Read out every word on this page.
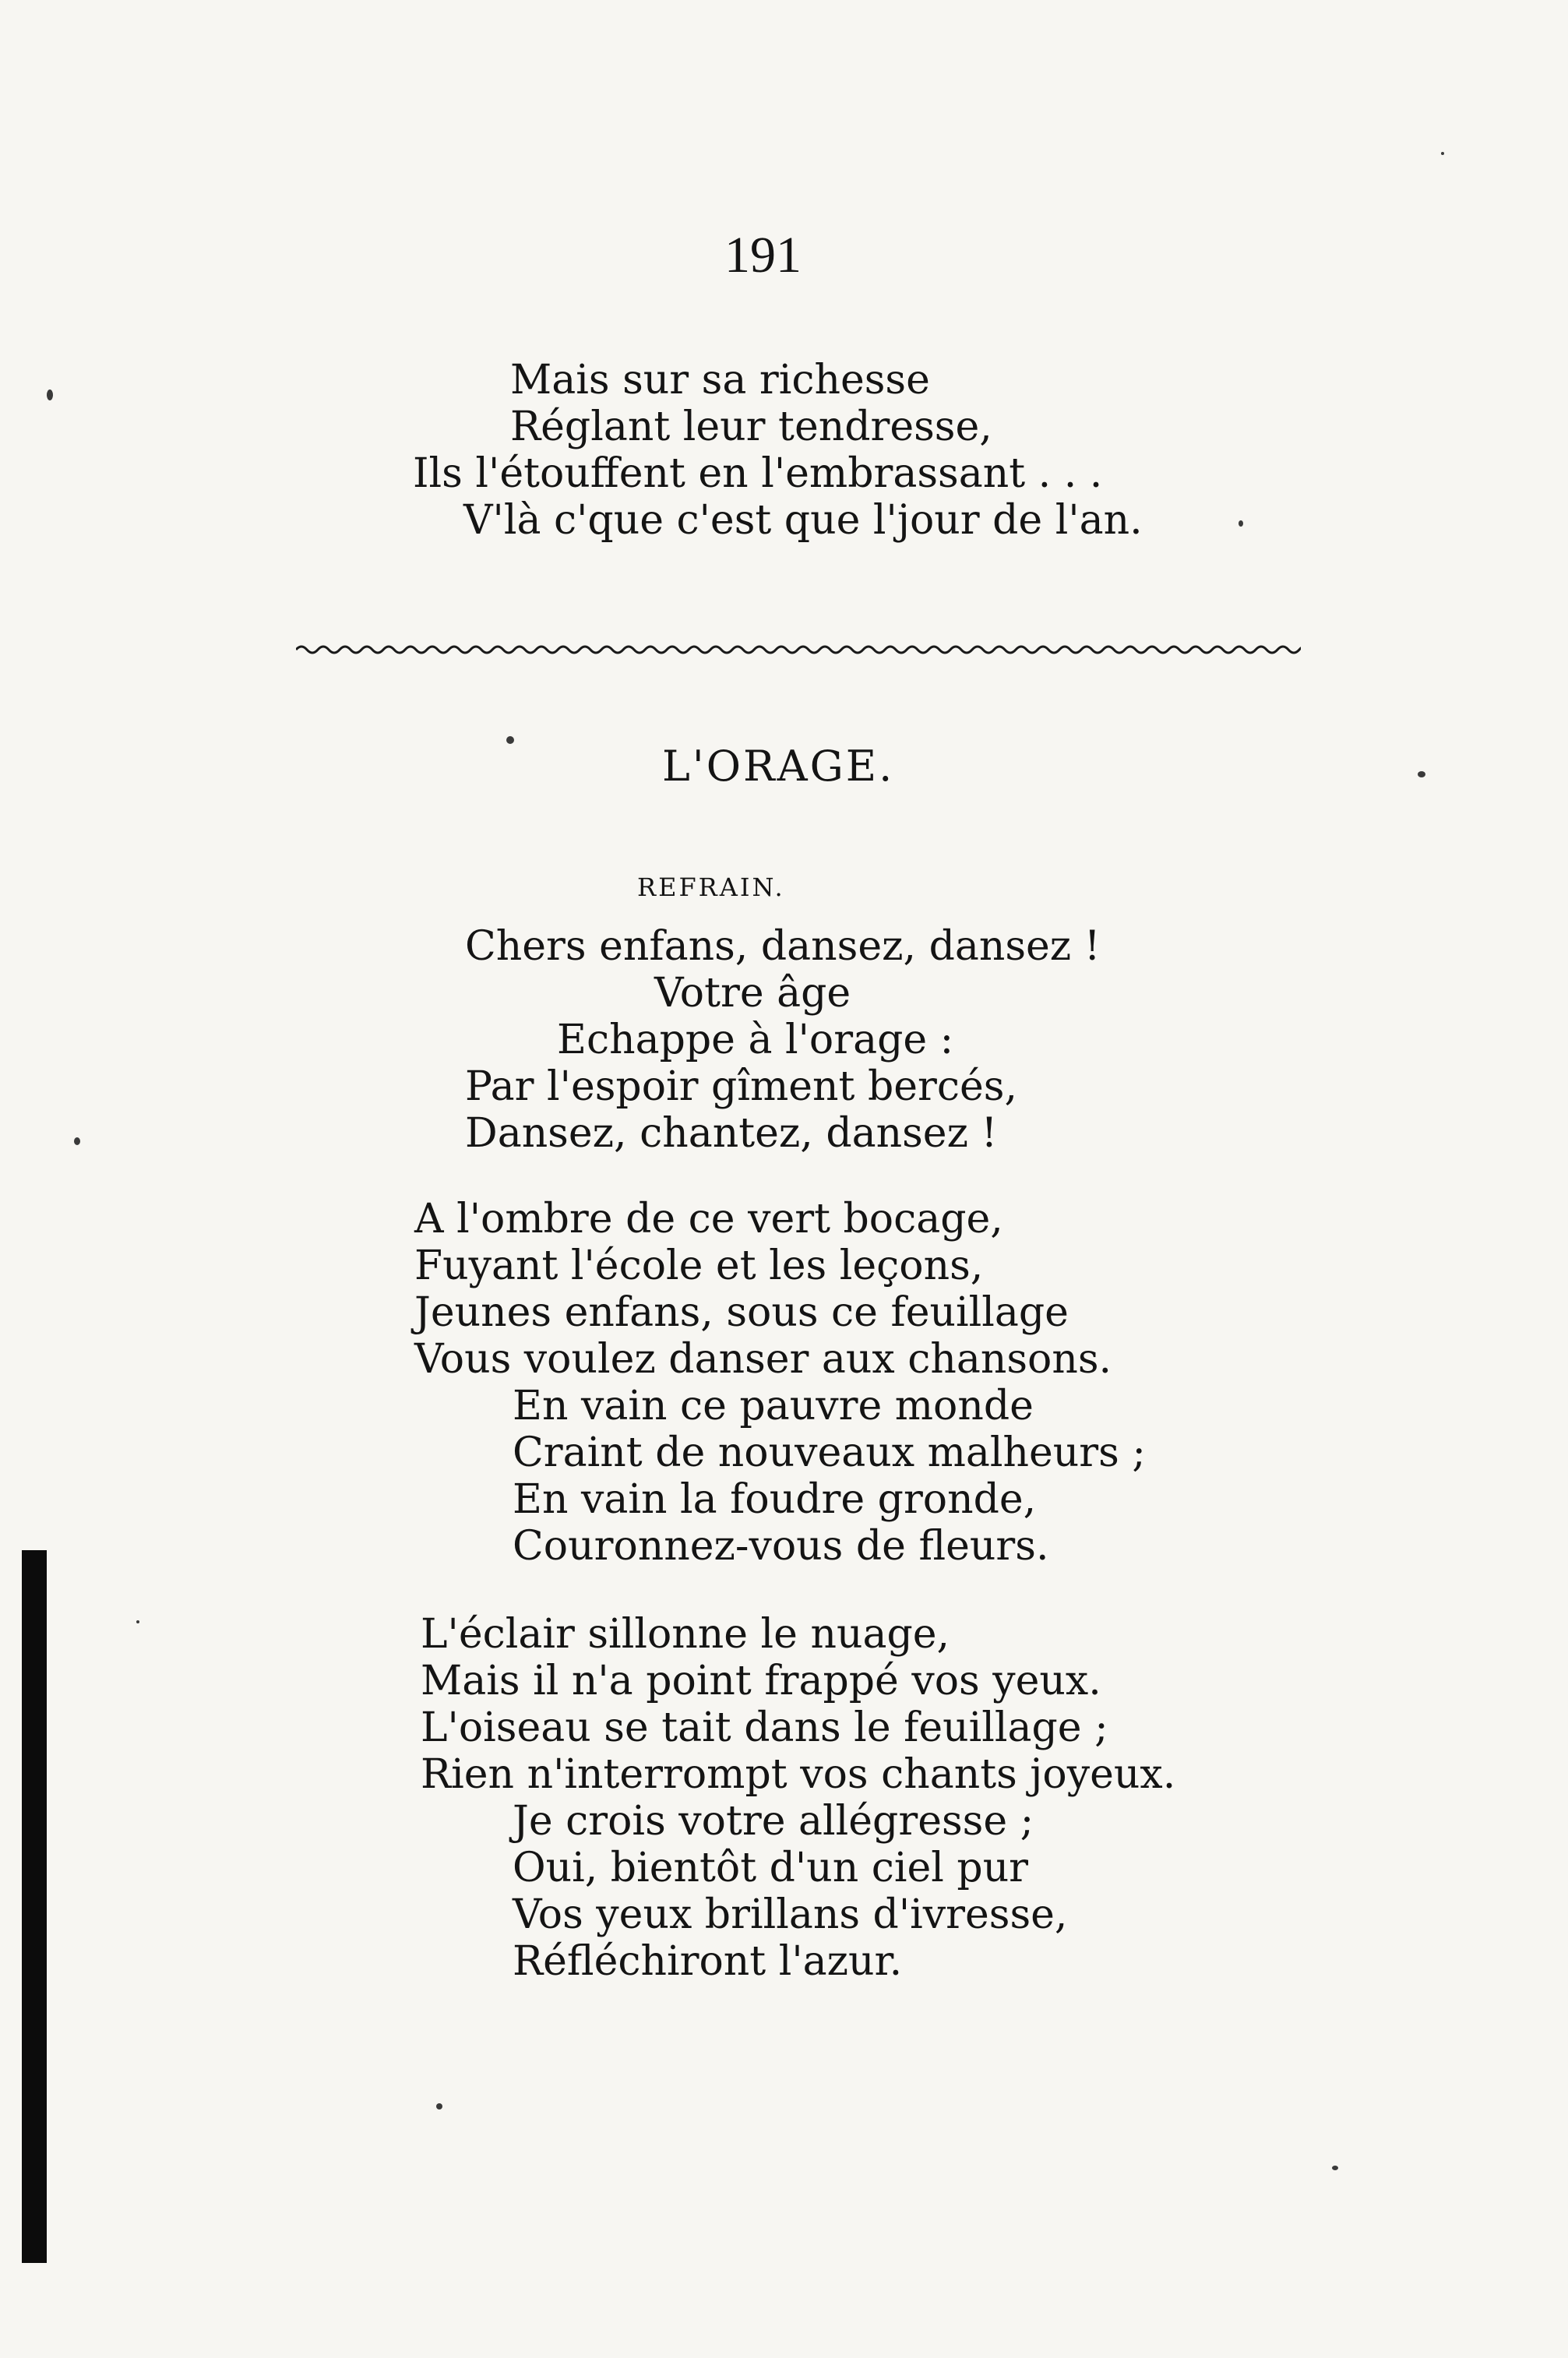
191
Mais sur sa richesse
Réglant leur tendresse,
Ils l'étouffent en l'embrassant . . .
V'là c'que c'est que l'jour de l'an.
L'ORAGE.
REFRAIN.
Chers enfans, dansez, dansez !
Votre âge
Echappe à l'orage :
Par l'espoir gîment bercés,
Dansez, chantez, dansez !
A l'ombre de ce vert bocage,
Fuyant l'école et les leçons,
Jeunes enfans, sous ce feuillage
Vous voulez danser aux chansons.
En vain ce pauvre monde
Craint de nouveaux malheurs ;
En vain la foudre gronde,
Couronnez-vous de fleurs.
L'éclair sillonne le nuage,
Mais il n'a point frappé vos yeux.
L'oiseau se tait dans le feuillage ;
Rien n'interrompt vos chants joyeux.
Je crois votre allégresse ;
Oui, bientôt d'un ciel pur
Vos yeux brillans d'ivresse,
Réfléchiront l'azur.
